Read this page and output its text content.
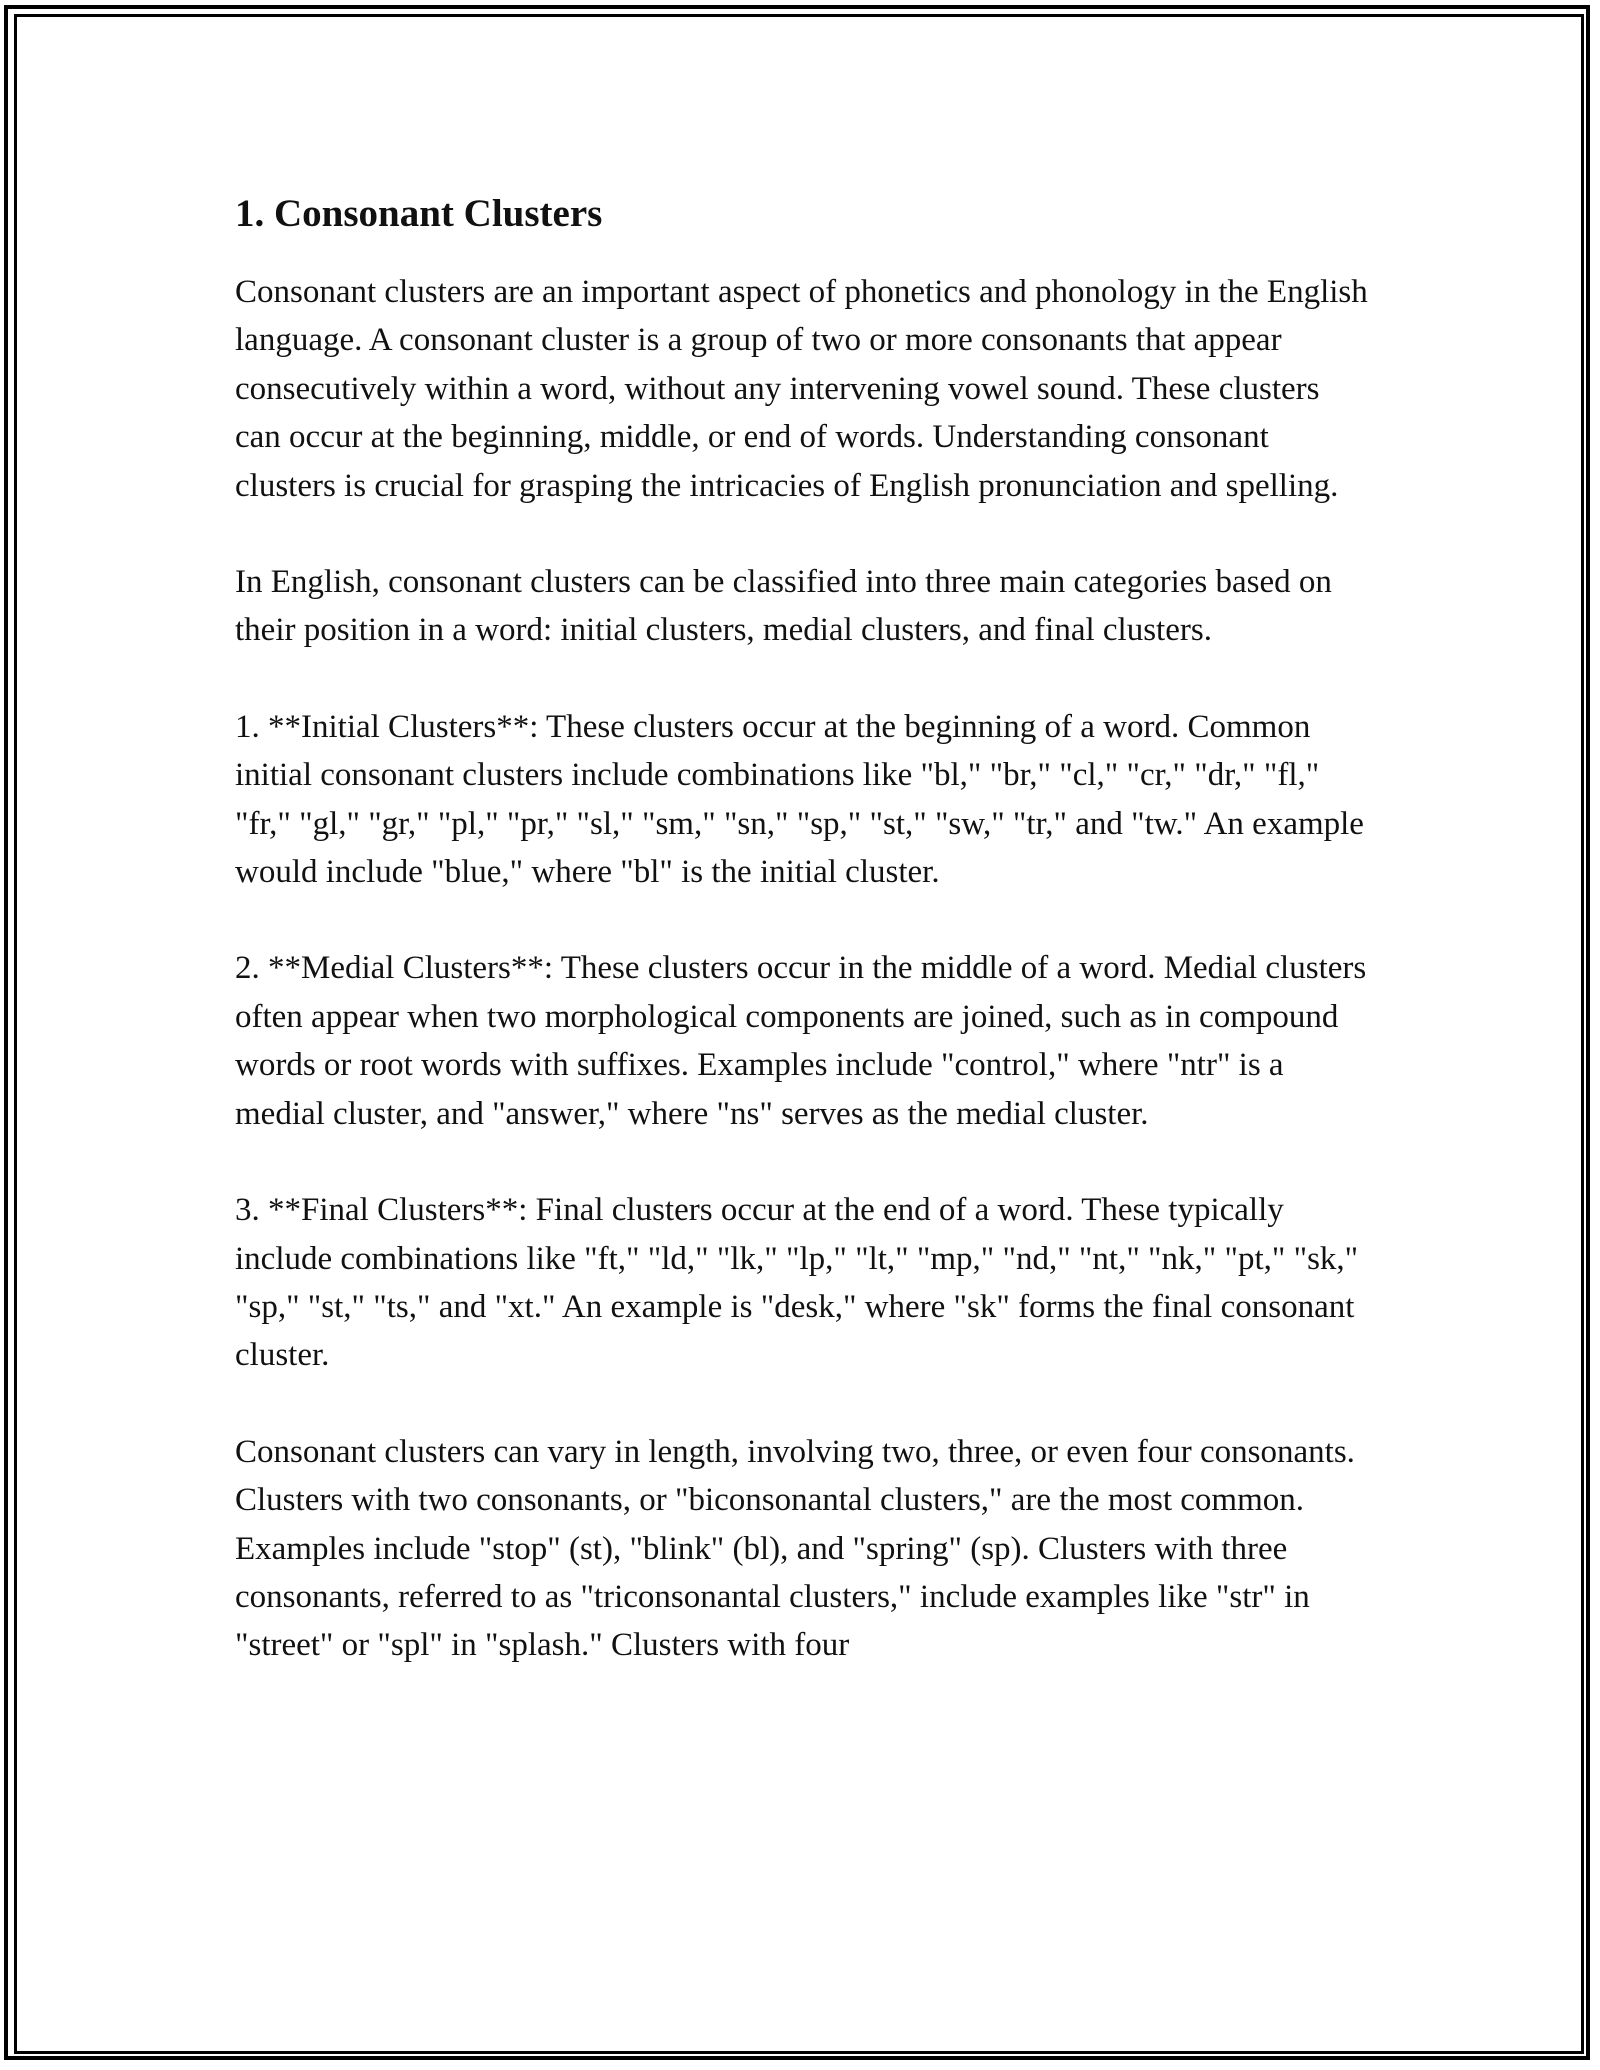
1. Consonant Clusters

Consonant clusters are an important aspect of phonetics and phonology in the English language. A consonant cluster is a group of two or more consonants that appear consecutively within a word, without any intervening vowel sound. These clusters can occur at the beginning, middle, or end of words. Understanding consonant clusters is crucial for grasping the intricacies of English pronunciation and spelling.

In English, consonant clusters can be classified into three main categories based on their position in a word: initial clusters, medial clusters, and final clusters.

1. **Initial Clusters**: These clusters occur at the beginning of a word. Common initial consonant clusters include combinations like "bl," "br," "cl," "cr," "dr," "fl," "fr," "gl," "gr," "pl," "pr," "sl," "sm," "sn," "sp," "st," "sw," "tr," and "tw." An example would include "blue," where "bl" is the initial cluster.

2. **Medial Clusters**: These clusters occur in the middle of a word. Medial clusters often appear when two morphological components are joined, such as in compound words or root words with suffixes. Examples include "control," where "ntr" is a medial cluster, and "answer," where "ns" serves as the medial cluster.

3. **Final Clusters**: Final clusters occur at the end of a word. These typically include combinations like "ft," "ld," "lk," "lp," "lt," "mp," "nd," "nt," "nk," "pt," "sk," "sp," "st," "ts," and "xt." An example is "desk," where "sk" forms the final consonant cluster.

Consonant clusters can vary in length, involving two, three, or even four consonants. Clusters with two consonants, or "biconsonantal clusters," are the most common. Examples include "stop" (st), "blink" (bl), and "spring" (sp). Clusters with three consonants, referred to as "triconsonantal clusters," include examples like "str" in "street" or "spl" in "splash." Clusters with four
